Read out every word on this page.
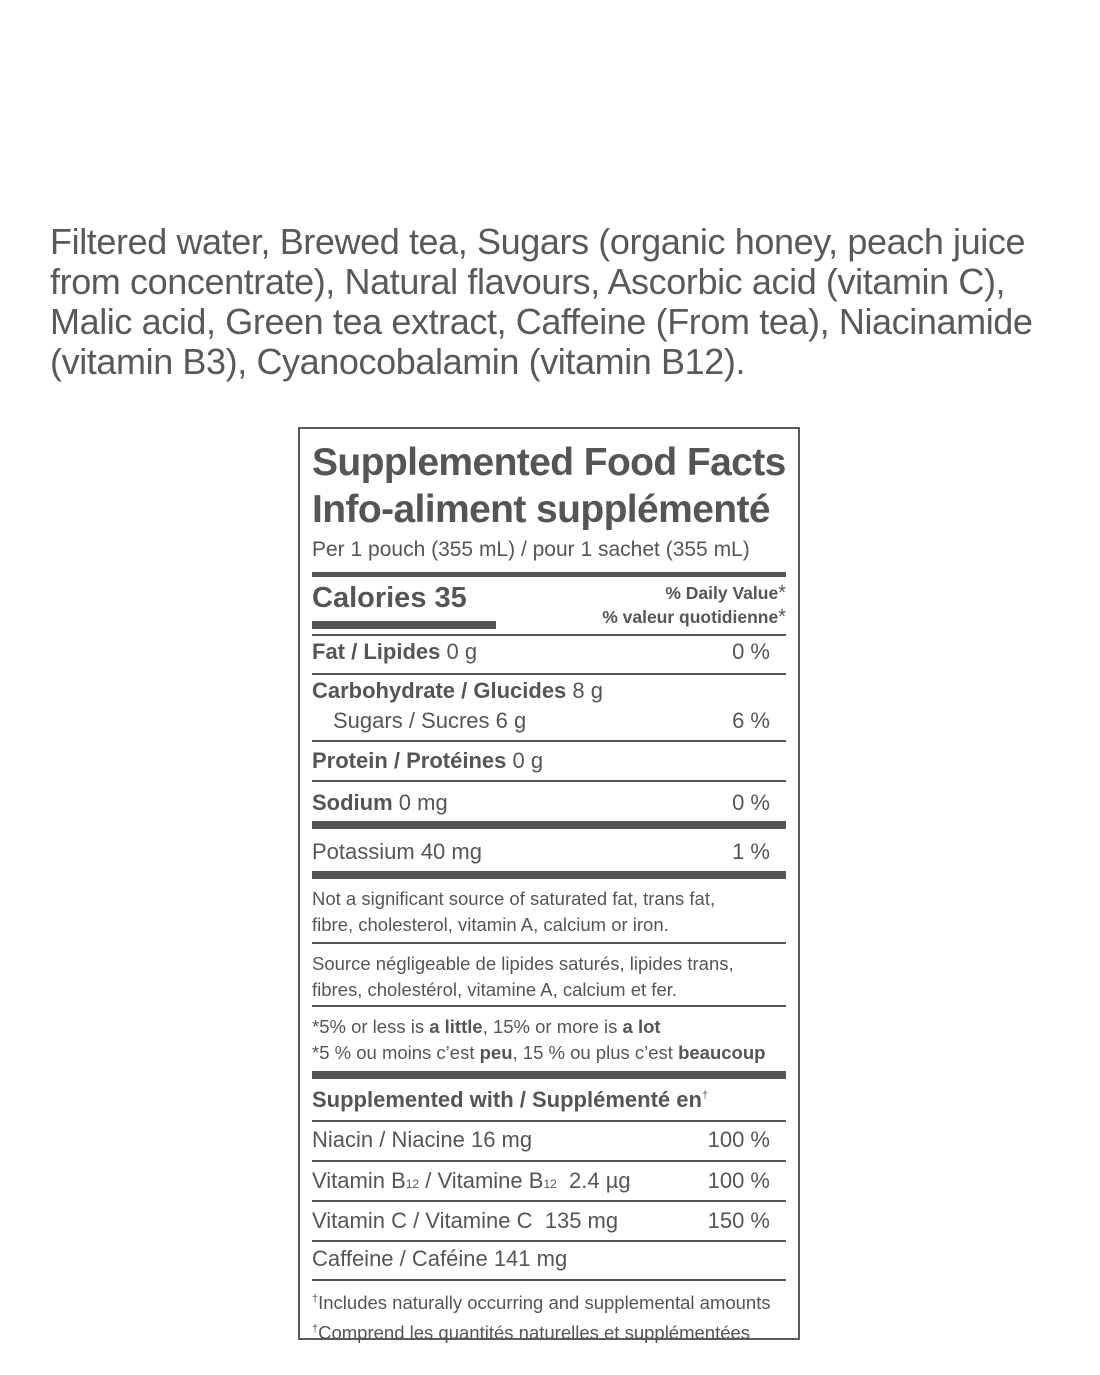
Filtered water, Brewed tea, Sugars (organic honey, peach juice from concentrate), Natural flavours, Ascorbic acid (vitamin C), Malic acid, Green tea extract, Caffeine (From tea), Niacinamide (vitamin B3), Cyanocobalamin (vitamin B12).

Supplemented Food Facts
Info-aliment supplémenté
Per 1 pouch (355 mL) / pour 1 sachet (355 mL)
Calories 35	% Daily Value*
% valeur quotidienne*
Fat / Lipides 0 g	0 %
Carbohydrate / Glucides 8 g
Sugars / Sucres 6 g	6 %
Protein / Protéines 0 g
Sodium 0 mg	0 %
Potassium 40 mg	1 %
Not a significant source of saturated fat, trans fat,
fibre, cholesterol, vitamin A, calcium or iron.
Source négligeable de lipides saturés, lipides trans,
fibres, cholestérol, vitamine A, calcium et fer.
*5% or less is a little, 15% or more is a lot
*5 % ou moins c’est peu, 15 % ou plus c’est beaucoup
Supplemented with / Supplémenté en†
Niacin / Niacine 16 mg	100 %
Vitamin B12 / Vitamine B12  2.4 µg	100 %
Vitamin C / Vitamine C  135 mg	150 %
Caffeine / Caféine 141 mg
†Includes naturally occurring and supplemental amounts
†Comprend les quantités naturelles et supplémentées
